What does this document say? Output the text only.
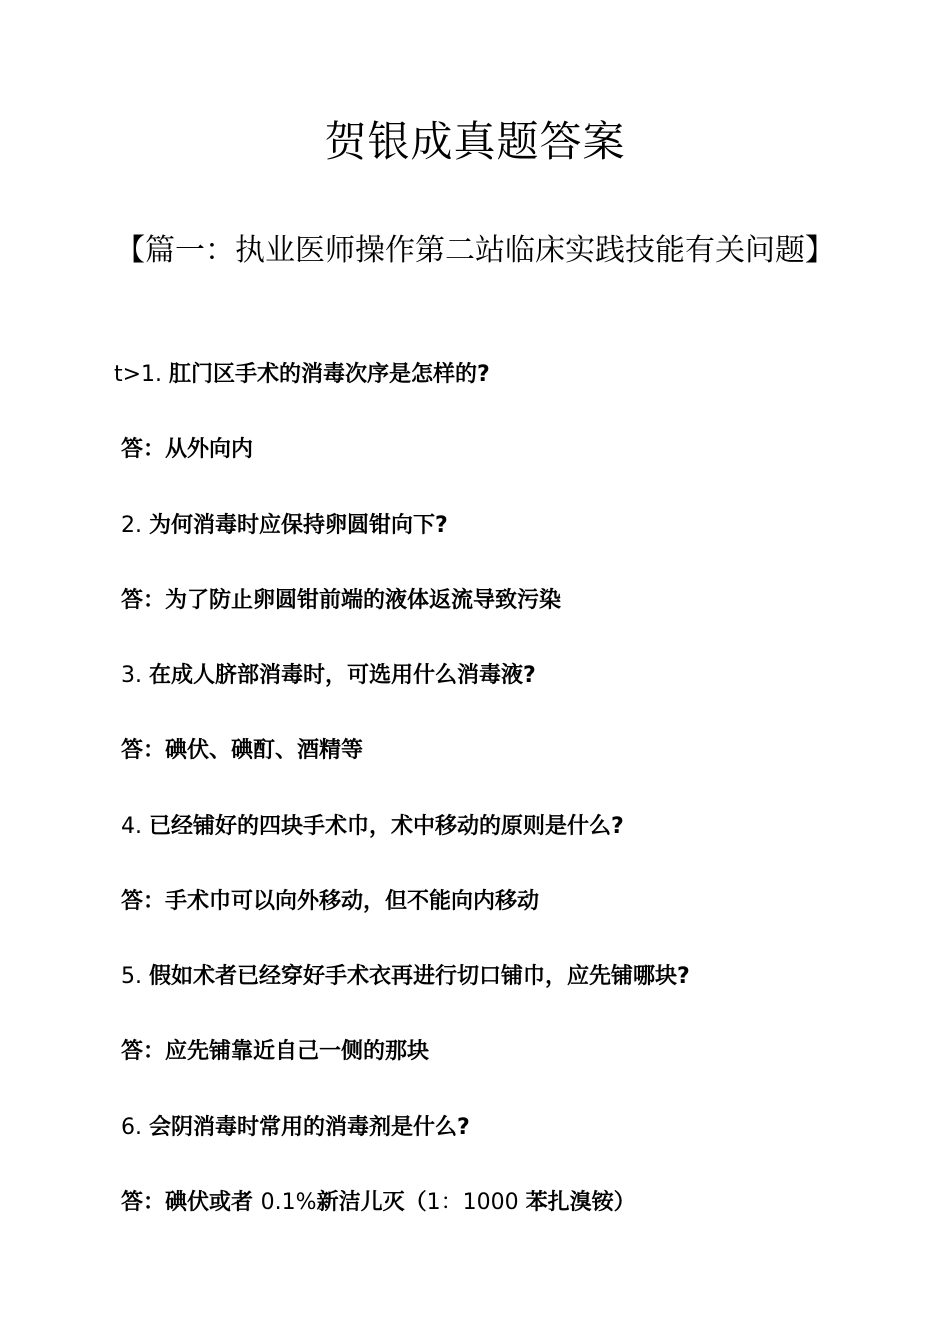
贺银成真题答案
【篇一：执业医师操作第二站临床实践技能有关问题】
t>1. 肛门区手术的消毒次序是怎样的?
答：从外向内
2. 为何消毒时应保持卵圆钳向下?
答：为了防止卵圆钳前端的液体返流导致污染
3. 在成人脐部消毒时，可选用什么消毒液?
答：碘伏、碘酊、酒精等
4. 已经铺好的四块手术巾，术中移动的原则是什么?
答：手术巾可以向外移动，但不能向内移动
5. 假如术者已经穿好手术衣再进行切口铺巾，应先铺哪块?
答：应先铺靠近自己一侧的那块
6. 会阴消毒时常用的消毒剂是什么?
答：碘伏或者 0.1%新洁儿灭（1：1000 苯扎溴铵）
